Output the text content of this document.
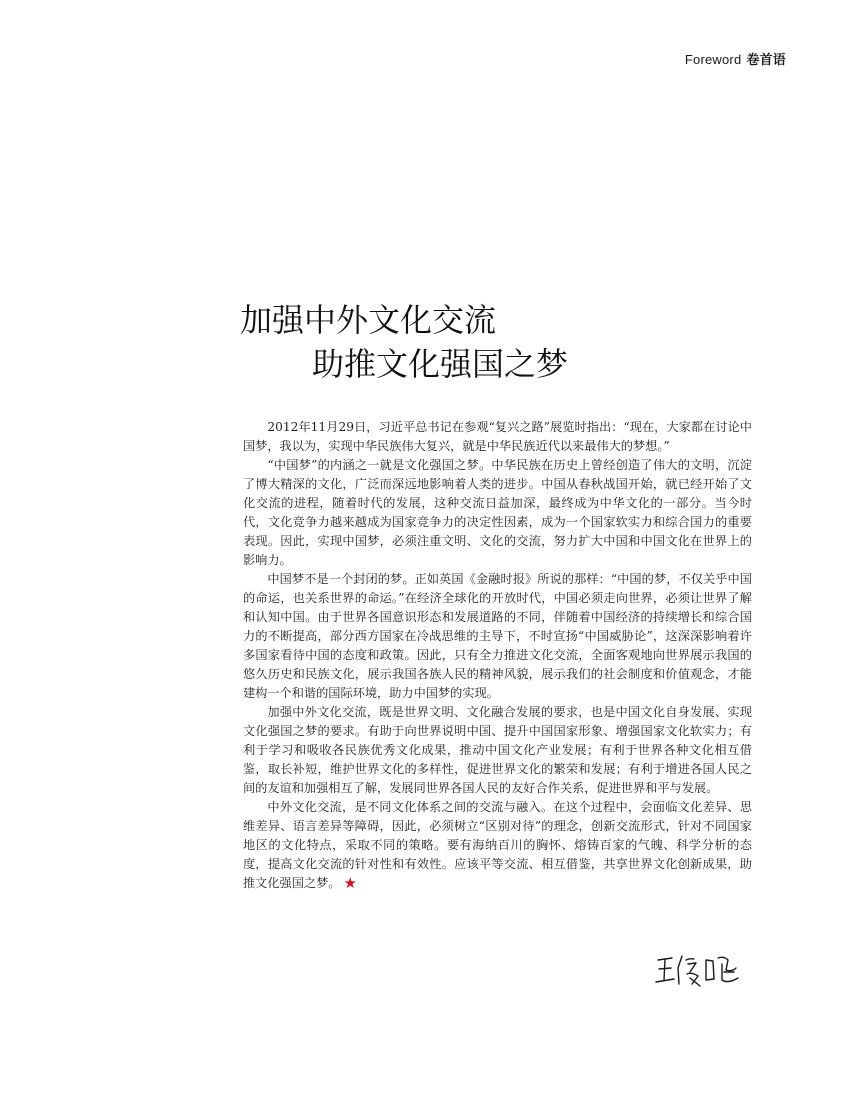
Foreword 卷首语
加强中外文化交流
助推文化强国之梦

2012年11月29日，习近平总书记在参观“复兴之路”展览时指出：“现在，大家都在讨论中国梦，我以为，实现中华民族伟大复兴，就是中华民族近代以来最伟大的梦想。”

“中国梦”的内涵之一就是文化强国之梦。中华民族在历史上曾经创造了伟大的文明，沉淀了博大精深的文化，广泛而深远地影响着人类的进步。中国从春秋战国开始，就已经开始了文化交流的进程，随着时代的发展，这种交流日益加深，最终成为中华文化的一部分。当今时代，文化竞争力越来越成为国家竞争力的决定性因素，成为一个国家软实力和综合国力的重要表现。因此，实现中国梦，必须注重文明、文化的交流，努力扩大中国和中国文化在世界上的影响力。

中国梦不是一个封闭的梦。正如英国《金融时报》所说的那样：“中国的梦，不仅关乎中国的命运，也关系世界的命运。”在经济全球化的开放时代，中国必须走向世界，必须让世界了解和认知中国。由于世界各国意识形态和发展道路的不同，伴随着中国经济的持续增长和综合国力的不断提高，部分西方国家在冷战思维的主导下，不时宣扬“中国威胁论”，这深深影响着许多国家看待中国的态度和政策。因此，只有全力推进文化交流，全面客观地向世界展示我国的悠久历史和民族文化，展示我国各族人民的精神风貌，展示我们的社会制度和价值观念，才能建构一个和谐的国际环境，助力中国梦的实现。

加强中外文化交流，既是世界文明、文化融合发展的要求，也是中国文化自身发展、实现文化强国之梦的要求。有助于向世界说明中国、提升中国国家形象、增强国家文化软实力；有利于学习和吸收各民族优秀文化成果，推动中国文化产业发展；有利于世界各种文化相互借鉴，取长补短，维护世界文化的多样性，促进世界文化的繁荣和发展；有利于增进各国人民之间的友谊和加强相互了解，发展同世界各国人民的友好合作关系，促进世界和平与发展。

中外文化交流，是不同文化体系之间的交流与融入。在这个过程中，会面临文化差异、思维差异、语言差异等障碍，因此，必须树立“区别对待”的理念，创新交流形式，针对不同国家地区的文化特点，采取不同的策略。要有海纳百川的胸怀、熔铸百家的气魄、科学分析的态度，提高文化交流的针对性和有效性。应该平等交流、相互借鉴，共享世界文化创新成果，助推文化强国之梦。 ★
